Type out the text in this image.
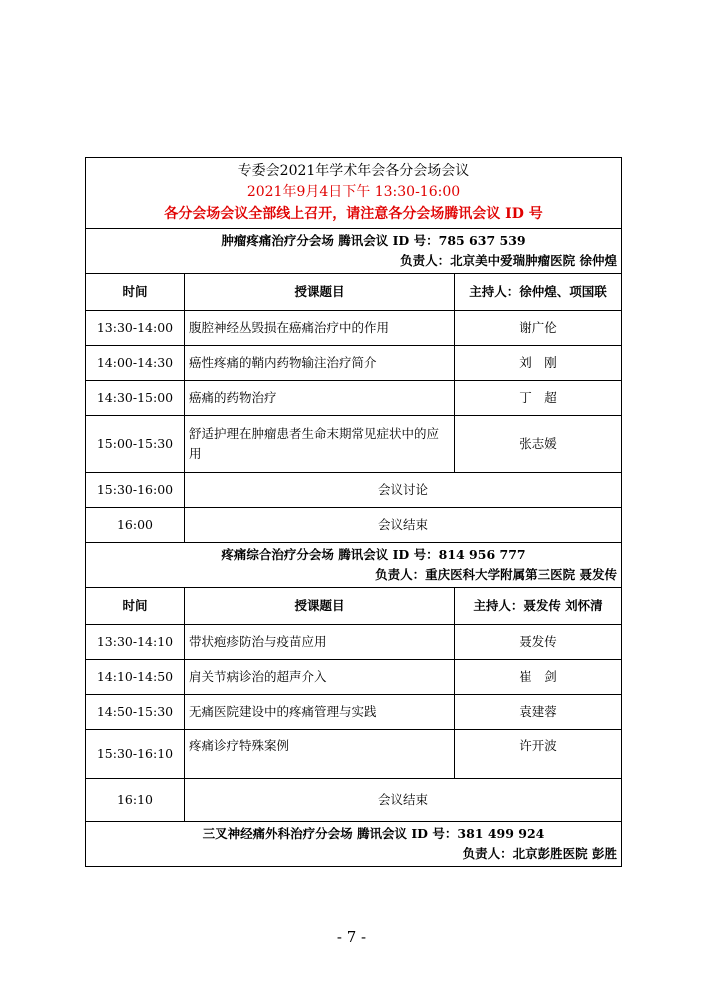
专委会2021年学术年会各分会场会议
2021年9月4日下午 13:30-16:00
各分会场会议全部线上召开，请注意各分会场腾讯会议 ID 号		

肿瘤疼痛治疗分会场 腾讯会议 ID 号：785 637 539
负责人：北京美中爱瑞肿瘤医院 徐仲煌		

时间	授课题目	主持人：徐仲煌、项国联
13:30-14:00	腹腔神经丛毁损在癌痛治疗中的作用	谢广伦
14:00-14:30	癌性疼痛的鞘内药物输注治疗简介	刘　刚
14:30-15:00	癌痛的药物治疗	丁　超
15:00-15:30	舒适护理在肿瘤患者生命末期常见症状中的应用	张志媛
15:30-16:00	会议讨论	
16:00	会议结束	

疼痛综合治疗分会场 腾讯会议 ID 号：814 956 777
负责人：重庆医科大学附属第三医院 聂发传		

时间	授课题目	主持人：聂发传 刘怀清
13:30-14:10	带状疱疹防治与疫苗应用	聂发传
14:10-14:50	肩关节病诊治的超声介入	崔　剑
14:50-15:30	无痛医院建设中的疼痛管理与实践	袁建蓉
15:30-16:10	疼痛诊疗特殊案例	许开波
16:10	会议结束	

三叉神经痛外科治疗分会场 腾讯会议 ID 号：381 499 924
负责人：北京彭胜医院 彭胜		
- 7 -
